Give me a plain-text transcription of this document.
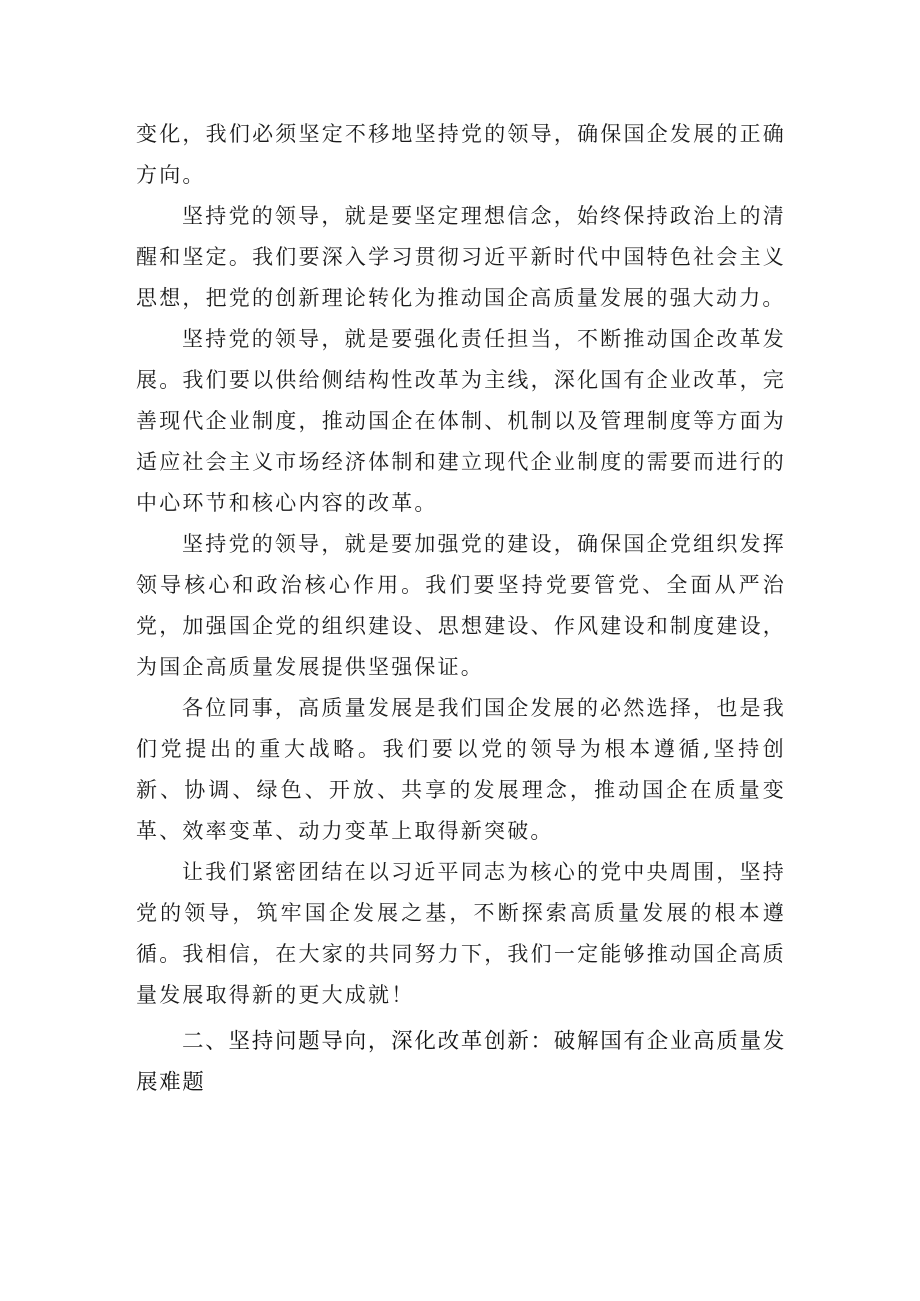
变化，我们必须坚定不移地坚持党的领导，确保国企发展的正确方向。

坚持党的领导，就是要坚定理想信念，始终保持政治上的清醒和坚定。我们要深入学习贯彻习近平新时代中国特色社会主义思想，把党的创新理论转化为推动国企高质量发展的强大动力。

坚持党的领导，就是要强化责任担当，不断推动国企改革发展。我们要以供给侧结构性改革为主线，深化国有企业改革，完善现代企业制度，推动国企在体制、机制以及管理制度等方面为适应社会主义市场经济体制和建立现代企业制度的需要而进行的中心环节和核心内容的改革。

坚持党的领导，就是要加强党的建设，确保国企党组织发挥领导核心和政治核心作用。我们要坚持党要管党、全面从严治党，加强国企党的组织建设、思想建设、作风建设和制度建设，为国企高质量发展提供坚强保证。

各位同事，高质量发展是我们国企发展的必然选择，也是我们党提出的重大战略。我们要以党的领导为根本遵循,坚持创新、协调、绿色、开放、共享的发展理念，推动国企在质量变革、效率变革、动力变革上取得新突破。

让我们紧密团结在以习近平同志为核心的党中央周围，坚持党的领导，筑牢国企发展之基，不断探索高质量发展的根本遵循。我相信，在大家的共同努力下，我们一定能够推动国企高质量发展取得新的更大成就！

二、坚持问题导向，深化改革创新：破解国有企业高质量发展难题
